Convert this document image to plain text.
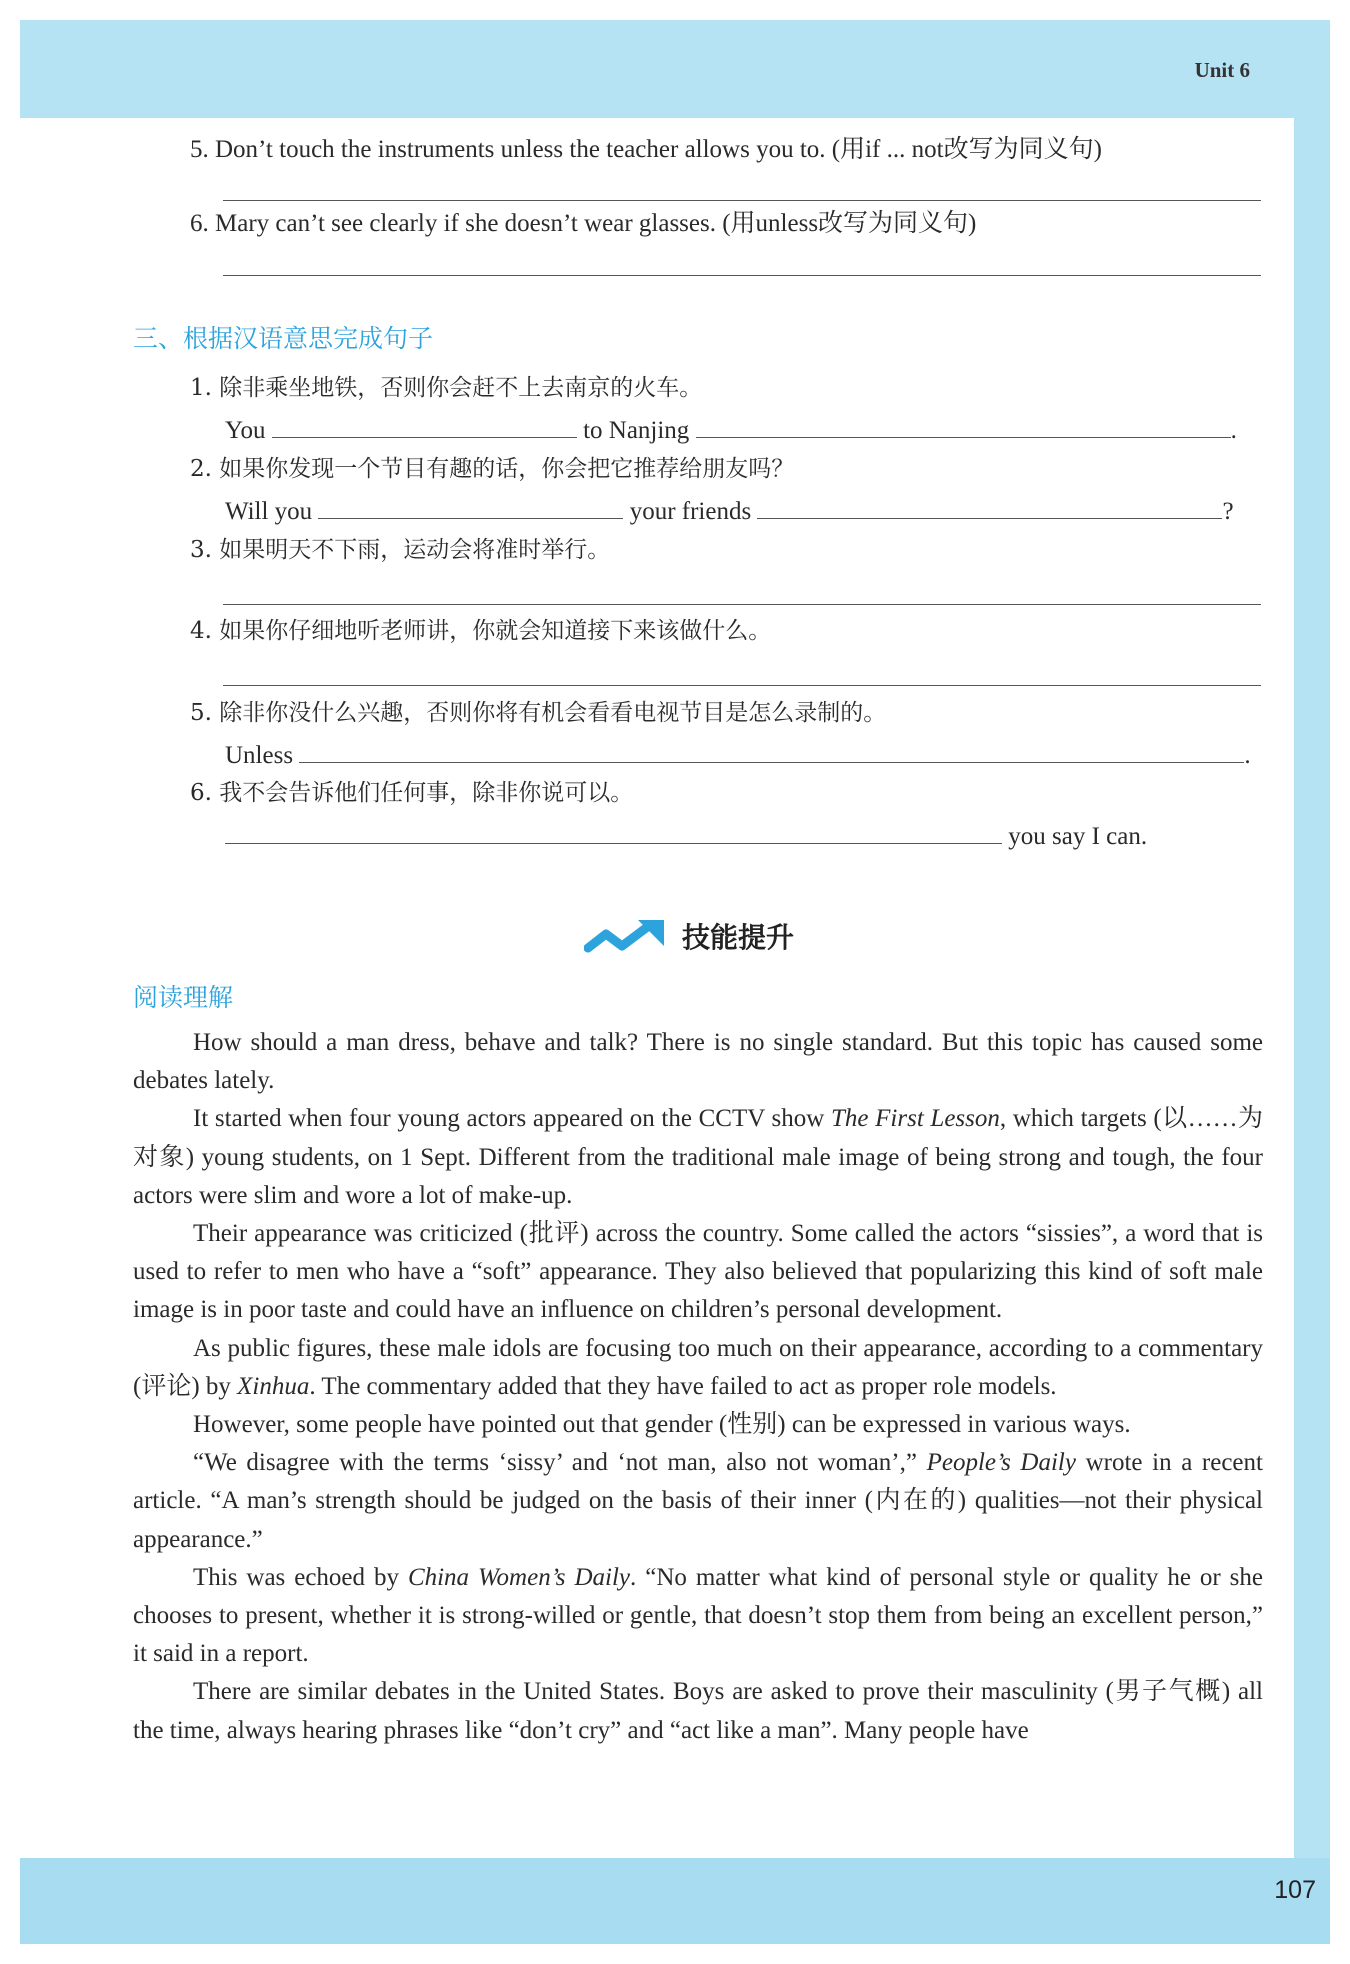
Unit 6
5. Don’t touch the instruments unless the teacher allows you to. (用if ... not改写为同义句)
6. Mary can’t see clearly if she doesn’t wear glasses. (用unless改写为同义句)
三、根据汉语意思完成句子
1. 除非乘坐地铁，否则你会赶不上去南京的火车。
You	to Nanjing	.
2. 如果你发现一个节目有趣的话，你会把它推荐给朋友吗？
Will you	your friends	?
3. 如果明天不下雨，运动会将准时举行。
4. 如果你仔细地听老师讲，你就会知道接下来该做什么。
5. 除非你没什么兴趣，否则你将有机会看看电视节目是怎么录制的。
Unless	.
6. 我不会告诉他们任何事，除非你说可以。
you say I can.
技能提升
阅读理解

How should a man dress, behave and talk? There is no single standard. But this topic has caused some debates lately.

It started when four young actors appeared on the CCTV show The First Lesson, which targets (以……为对象) young students, on 1 Sept. Different from the traditional male image of being strong and tough, the four actors were slim and wore a lot of make-up.

Their appearance was criticized (批评) across the country. Some called the actors “sissies”, a word that is used to refer to men who have a “soft” appearance. They also believed that popularizing this kind of soft male image is in poor taste and could have an influence on children’s personal development.

As public figures, these male idols are focusing too much on their appearance, according to a commentary (评论) by Xinhua. The commentary added that they have failed to act as proper role models.

However, some people have pointed out that gender (性别) can be expressed in various ways.

“We disagree with the terms ‘sissy’ and ‘not man, also not woman’,” People’s Daily wrote in a recent article. “A man’s strength should be judged on the basis of their inner (内在的) qualities—not their physical appearance.”

This was echoed by China Women’s Daily. “No matter what kind of personal style or quality he or she chooses to present, whether it is strong-willed or gentle, that doesn’t stop them from being an excellent person,” it said in a report.

There are similar debates in the United States. Boys are asked to prove their masculinity (男子气概) all the time, always hearing phrases like “don’t cry” and “act like a man”. Many people have

107
